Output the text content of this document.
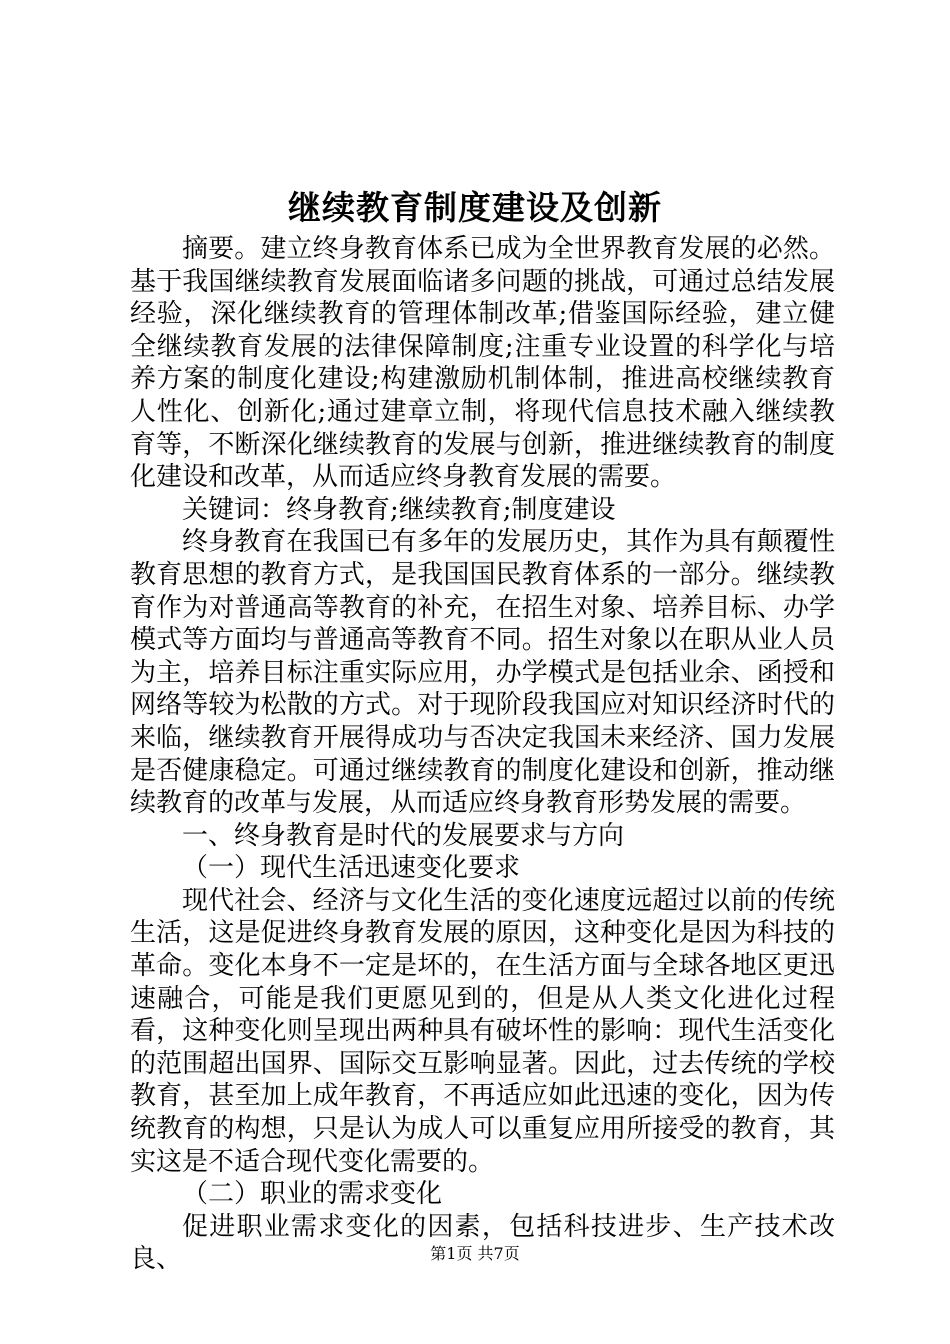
继续教育制度建设及创新

摘要。建立终身教育体系已成为全世界教育发展的必然。基于我国继续教育发展面临诸多问题的挑战，可通过总结发展经验，深化继续教育的管理体制改革;借鉴国际经验，建立健全继续教育发展的法律保障制度;注重专业设置的科学化与培养方案的制度化建设;构建激励机制体制，推进高校继续教育人性化、创新化;通过建章立制，将现代信息技术融入继续教育等，不断深化继续教育的发展与创新，推进继续教育的制度化建设和改革，从而适应终身教育发展的需要。

关键词：终身教育;继续教育;制度建设

终身教育在我国已有多年的发展历史，其作为具有颠覆性教育思想的教育方式，是我国国民教育体系的一部分。继续教育作为对普通高等教育的补充，在招生对象、培养目标、办学模式等方面均与普通高等教育不同。招生对象以在职从业人员为主，培养目标注重实际应用，办学模式是包括业余、函授和网络等较为松散的方式。对于现阶段我国应对知识经济时代的来临，继续教育开展得成功与否决定我国未来经济、国力发展是否健康稳定。可通过继续教育的制度化建设和创新，推动继续教育的改革与发展，从而适应终身教育形势发展的需要。

一、终身教育是时代的发展要求与方向

（一）现代生活迅速变化要求

现代社会、经济与文化生活的变化速度远超过以前的传统生活，这是促进终身教育发展的原因，这种变化是因为科技的革命。变化本身不一定是坏的，在生活方面与全球各地区更迅速融合，可能是我们更愿见到的，但是从人类文化进化过程看，这种变化则呈现出两种具有破坏性的影响：现代生活变化的范围超出国界、国际交互影响显著。因此，过去传统的学校教育，甚至加上成年教育，不再适应如此迅速的变化，因为传统教育的构想，只是认为成人可以重复应用所接受的教育，其实这是不适合现代变化需要的。

（二）职业的需求变化

促进职业需求变化的因素，包括科技进步、生产技术改良、	第1页 共7页
